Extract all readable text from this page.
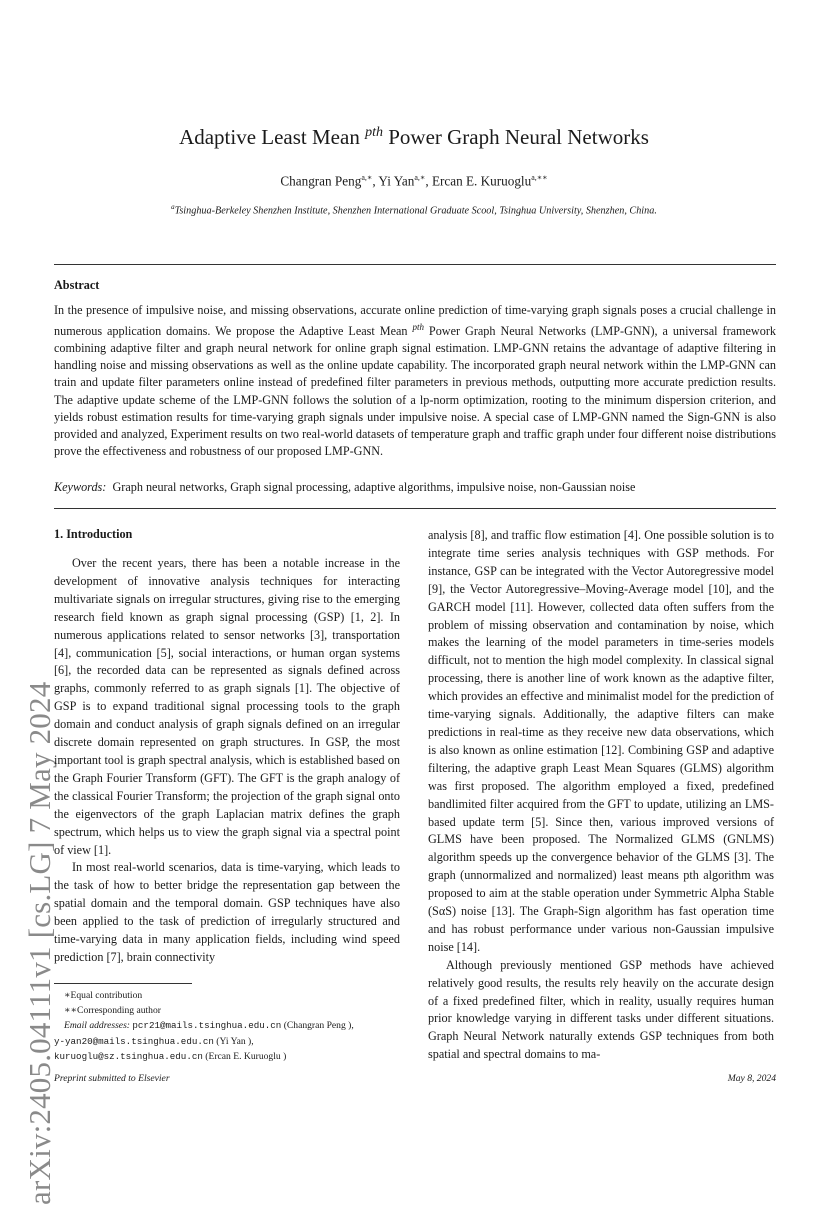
arXiv:2405.04111v1 [cs.LG] 7 May 2024
Adaptive Least Mean $^{pth}$ Power Graph Neural Networks
Changran Peng$^{a,∗}$, Yi Yan$^{a,∗}$, Ercan E. Kuruoglu$^{a,∗∗}$
$^a$Tsinghua-Berkeley Shenzhen Institute, Shenzhen International Graduate Scool, Tsinghua University, Shenzhen, China.
Abstract
In the presence of impulsive noise, and missing observations, accurate online prediction of time-varying graph signals poses a crucial challenge in numerous application domains. We propose the Adaptive Least Mean $^{pth}$ Power Graph Neural Networks (LMP-GNN), a universal framework combining adaptive filter and graph neural network for online graph signal estimation. LMP-GNN retains the advantage of adaptive filtering in handling noise and missing observations as well as the online update capability. The incorporated graph neural network within the LMP-GNN can train and update filter parameters online instead of predefined filter parameters in previous methods, outputting more accurate prediction results. The adaptive update scheme of the LMP-GNN follows the solution of a lp-norm optimization, rooting to the minimum dispersion criterion, and yields robust estimation results for time-varying graph signals under impulsive noise. A special case of LMP-GNN named the Sign-GNN is also provided and analyzed, Experiment results on two real-world datasets of temperature graph and traffic graph under four different noise distributions prove the effectiveness and robustness of our proposed LMP-GNN.
Keywords: Graph neural networks, Graph signal processing, adaptive algorithms, impulsive noise, non-Gaussian noise
1. Introduction

Over the recent years, there has been a notable increase in the development of innovative analysis techniques for interacting multivariate signals on irregular structures, giving rise to the emerging research field known as graph signal processing (GSP) [1, 2]. In numerous applications related to sensor networks [3], transportation [4], communication [5], social interactions, or human organ systems [6], the recorded data can be represented as signals defined across graphs, commonly referred to as graph signals [1]. The objective of GSP is to expand traditional signal processing tools to the graph domain and conduct analysis of graph signals defined on an irregular discrete domain represented on graph structures. In GSP, the most important tool is graph spectral analysis, which is established based on the Graph Fourier Transform (GFT). The GFT is the graph analogy of the classical Fourier Transform; the projection of the graph signal onto the eigenvectors of the graph Laplacian matrix defines the graph spectrum, which helps us to view the graph signal via a spectral point of view [1].

In most real-world scenarios, data is time-varying, which leads to the task of how to better bridge the representation gap between the spatial domain and the temporal domain. GSP techniques have also been applied to the task of prediction of irregularly structured and time-varying data in many application fields, including wind speed prediction [7], brain connectivity

analysis [8], and traffic flow estimation [4]. One possible solution is to integrate time series analysis techniques with GSP methods. For instance, GSP can be integrated with the Vector Autoregressive model [9], the Vector Autoregressive–Moving-Average model [10], and the GARCH model [11]. However, collected data often suffers from the problem of missing observation and contamination by noise, which makes the learning of the model parameters in time-series models difficult, not to mention the high model complexity. In classical signal processing, there is another line of work known as the adaptive filter, which provides an effective and minimalist model for the prediction of time-varying signals. Additionally, the adaptive filters can make predictions in real-time as they receive new data observations, which is also known as online estimation [12]. Combining GSP and adaptive filtering, the adaptive graph Least Mean Squares (GLMS) algorithm was first proposed. The algorithm employed a fixed, predefined bandlimited filter acquired from the GFT to update, utilizing an LMS-based update term [5]. Since then, various improved versions of GLMS have been proposed. The Normalized GLMS (GNLMS) algorithm speeds up the convergence behavior of the GLMS [3]. The graph (unnormalized and normalized) least means pth algorithm was proposed to aim at the stable operation under Symmetric Alpha Stable (SαS) noise [13]. The Graph-Sign algorithm has fast operation time and has robust performance under various non-Gaussian impulsive noise [14].

Although previously mentioned GSP methods have achieved relatively good results, the results rely heavily on the accurate design of a fixed predefined filter, which in reality, usually requires human prior knowledge varying in different tasks under different situations. Graph Neural Network naturally extends GSP techniques from both spatial and spectral domains to ma-

∗Equal contribution
∗∗Corresponding author
Email addresses: pcr21@mails.tsinghua.edu.cn (Changran Peng ),
y-yan20@mails.tsinghua.edu.cn (Yi Yan ),
kuruoglu@sz.tsinghua.edu.cn (Ercan E. Kuruoglu )
Preprint submitted to Elsevier	May 8, 2024
